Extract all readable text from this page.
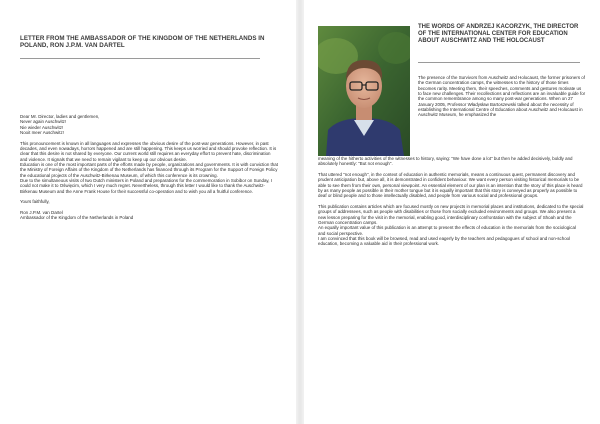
LETTER FROM THE AMBASSADOR OF THE KINGDOM OF THE NETHERLANDS IN POLAND, RON J.P.M. VAN DARTEL

Dear Mr. Director, ladies and gentlemen,

Never again Auschwitz!

Nie wieder Auschwitz!

Nooit meer Auschwitz!

This pronouncement is known in all languages and expresses the obvious desire of the post-war generations. However, in past decades, and even nowadays, horrors happened and are still happening. This keeps us worried and should provoke reflection. It is clear that this desire is not shared by everyone. Our current world still requires an everyday effort to prevent hate, discrimination and violence. It signals that we need to remain vigilant to keep up our obvious desire.

Education is one of the most important parts of the efforts made by people, organizations and governments. It is with conviction that the Ministry of Foreign Affairs of the Kingdom of the Netherlands has financed through its Program for the Support of Foreign Policy the educational projects of the Auschwitz-Birkenau Museum, of which this conference is its crowning.

Due to the simultaneous visits of two Dutch ministers in Poland and preparations for the commemoration in Sobibor on Sunday, I could not make it to Oświęcim, which I very much regret. Nevertheless, through this letter I would like to thank the Auschwitz-Birkenau Museum and the Anne Frank House for their successful co-operation and to wish you all a fruitful conference.

Yours faithfully,

Ron J.P.M. van Dartel

Ambassador of the Kingdom of the Netherlands in Poland

THE WORDS OF ANDRZEJ KACORZYK, THE DIRECTOR OF THE INTERNATIONAL CENTER FOR EDUCATION ABOUT AUSCHWITZ AND THE HOLOCAUST

The presence of the Survivors from Auschwitz and Holocaust, the former prisoners of the German concentration camps, the witnesses to the history of those times becomes rarity. Meeting them, their speeches, comments and gestures motivate us to face new challenges. Their recollections and reflections are an invaluable guide for the common remembrance among so many post-war generations. When on 27 January 2005, Professor Władysław Bartoszewski talked about the necessity of establishing the International Centre of Education about Auschwitz and Holocaust in Auschwitz Museum, he emphasized the

meaning of the hitherto activities of the witnesses to history, saying: "We have done a lot" but then he added decisively, boldly and absolutely honestly: "But not enough".

That uttered "not enough", in the context of education in authentic memorials, means a continuous quest, permanent discovery and prudent anticipation but, above all, it is demonstrated in confident behaviour. We want every person visiting historical memorials to be able to see them from their own, personal viewpoint. An essential element of our plan is an intention that the story of this place is heard by as many people as possible in their mother tongue but it is equally important that this story is conveyed as properly as possible to deaf or blind people and to those intellectually disabled, and people from various social and professional groups.

This publication contains articles which are focused mostly on new projects in memorial places and institutions, dedicated to the special groups of addressees, such as people with disabilities or those from socially excluded environments and groups. We also present a new lesson preparing for the visit in the memorial, enabling good, interdisciplinary confrontation with the subject of Shoah and the German concentration camps.

An equally important value of this publication is an attempt to present the effects of education in the memorials from the sociological and social perspective.

I am convinced that this book will be browsed, read and used eagerly by the teachers and pedagogues of school and non-school education, becoming a valuable aid in their professional work.
